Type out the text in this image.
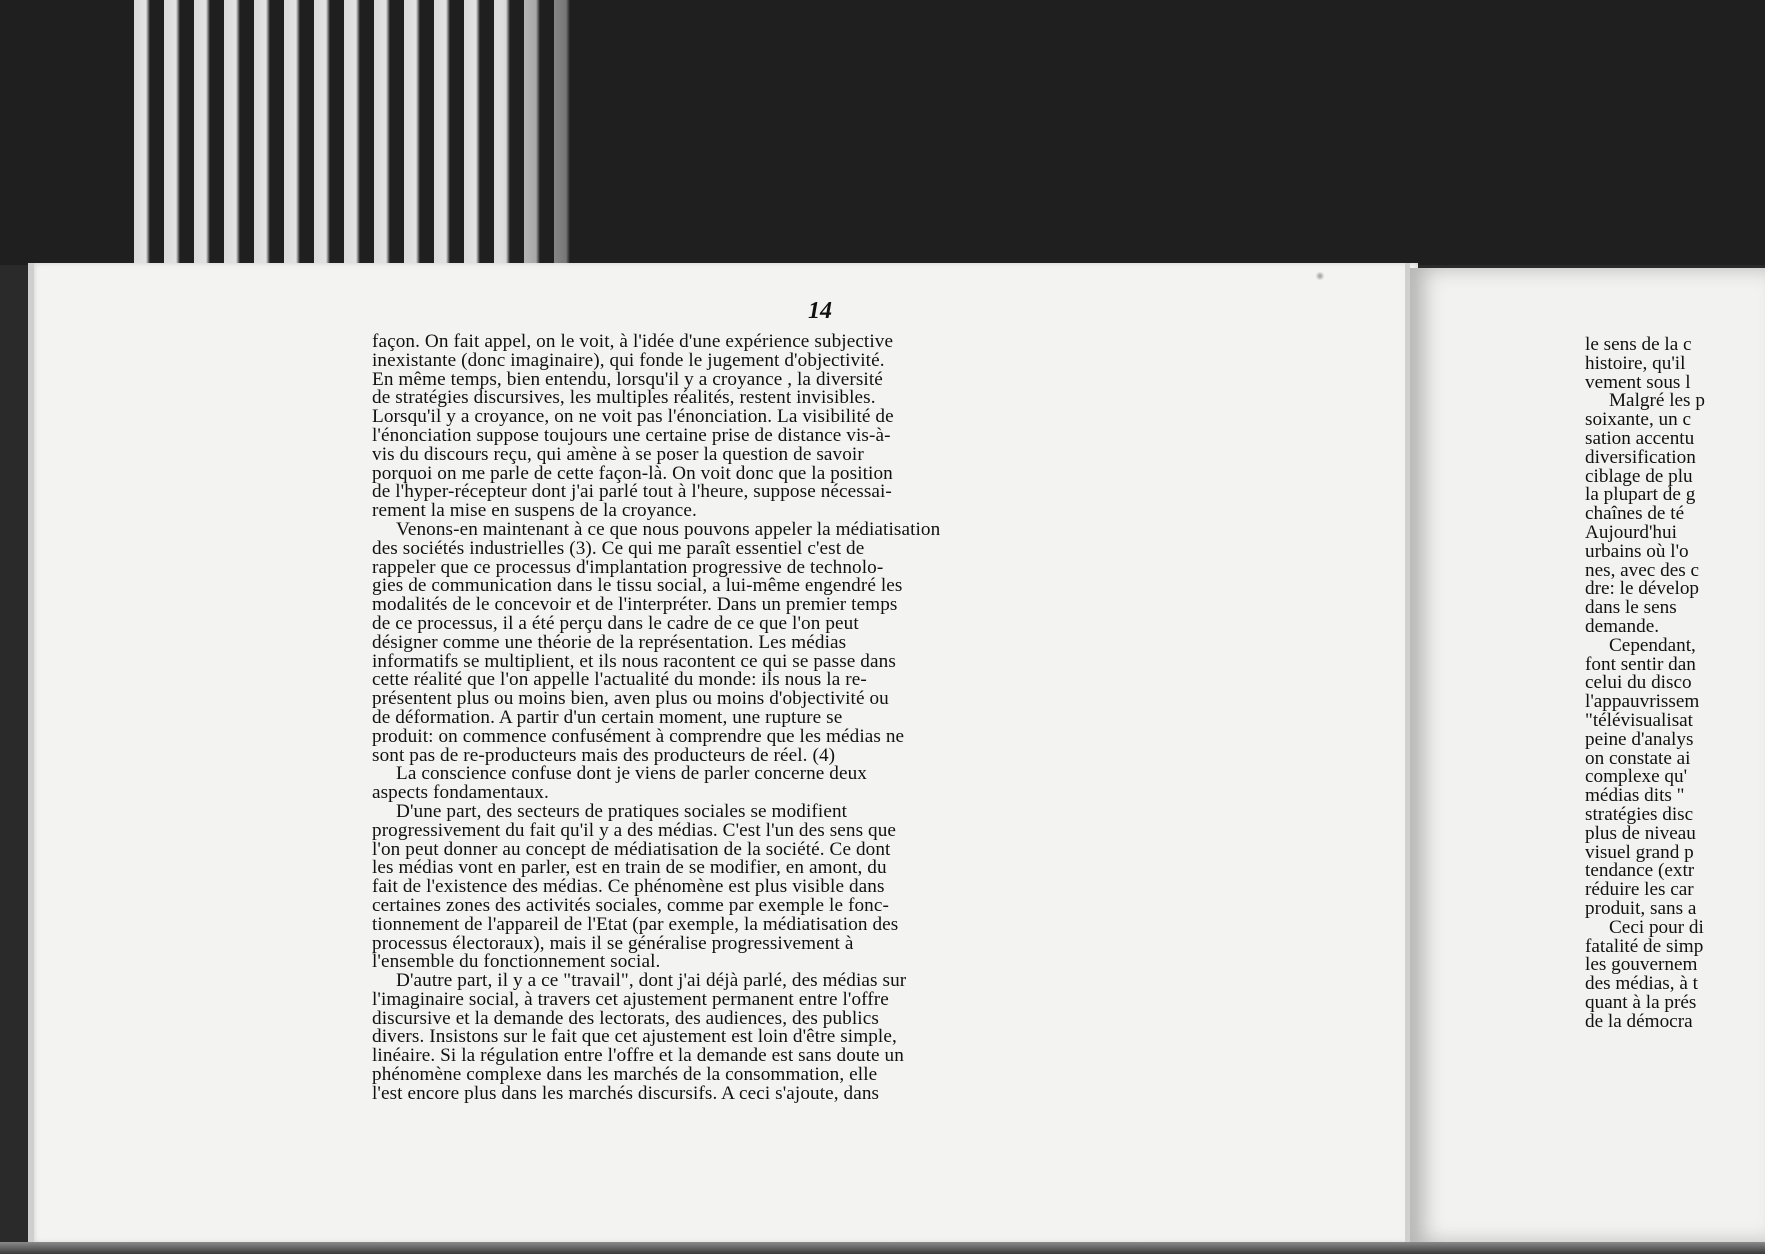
14
façon. On fait appel, on le voit, à l'idée d'une expérience subjective
inexistante (donc imaginaire), qui fonde le jugement d'objectivité.
En même temps, bien entendu, lorsqu'il y a croyance , la diversité
de stratégies discursives, les multiples réalités, restent invisibles.
Lorsqu'il y a croyance, on ne voit pas l'énonciation. La visibilité de
l'énonciation suppose toujours une certaine prise de distance vis-à-
vis du discours reçu, qui amène à se poser la question de savoir
porquoi on me parle de cette façon-là. On voit donc que la position
de l'hyper-récepteur dont j'ai parlé tout à l'heure, suppose nécessai-
rement la mise en suspens de la croyance.
Venons-en maintenant à ce que nous pouvons appeler la médiatisation
des sociétés industrielles (3). Ce qui me paraît essentiel c'est de
rappeler que ce processus d'implantation progressive de technolo-
gies de communication dans le tissu social, a lui-même engendré les
modalités de le concevoir et de l'interpréter. Dans un premier temps
de ce processus, il a été perçu dans le cadre de ce que l'on peut
désigner comme une théorie de la représentation. Les médias
informatifs se multiplient, et ils nous racontent ce qui se passe dans
cette réalité que l'on appelle l'actualité du monde: ils nous la re-
présentent plus ou moins bien, aven plus ou moins d'objectivité ou
de déformation. A partir d'un certain moment, une rupture se
produit: on commence confusément à comprendre que les médias ne
sont pas de re-producteurs mais des producteurs de réel. (4)
La conscience confuse dont je viens de parler concerne deux
aspects fondamentaux.
D'une part, des secteurs de pratiques sociales se modifient
progressivement du fait qu'il y a des médias. C'est l'un des sens que
l'on peut donner au concept de médiatisation de la société. Ce dont
les médias vont en parler, est en train de se modifier, en amont, du
fait de l'existence des médias. Ce phénomène est plus visible dans
certaines zones des activités sociales, comme par exemple le fonc-
tionnement de l'appareil de l'Etat (par exemple, la médiatisation des
processus électoraux), mais il se généralise progressivement à
l'ensemble du fonctionnement social.
D'autre part, il y a ce "travail", dont j'ai déjà parlé, des médias sur
l'imaginaire social, à travers cet ajustement permanent entre l'offre
discursive et la demande des lectorats, des audiences, des publics
divers. Insistons sur le fait que cet ajustement est loin d'être simple,
linéaire. Si la régulation entre l'offre et la demande est sans doute un
phénomène complexe dans les marchés de la consommation, elle
l'est encore plus dans les marchés discursifs. A ceci s'ajoute, dans
le sens de la c
histoire, qu'il
vement sous l
Malgré les p
soixante, un c
sation accentu
diversification
ciblage de plu
la plupart de g
chaînes de té
Aujourd'hui
urbains où l'o
nes, avec des c
dre: le dévelop
dans le sens
demande.
Cependant,
font sentir dan
celui du disco
l'appauvrissem
"télévisualisat
peine d'analys
on constate ai
complexe qu'
médias dits "
stratégies disc
plus de niveau
visuel grand p
tendance (extr
réduire les car
produit, sans a
Ceci pour di
fatalité de simp
les gouvernem
des médias, à t
quant à la prés
de la démocra
